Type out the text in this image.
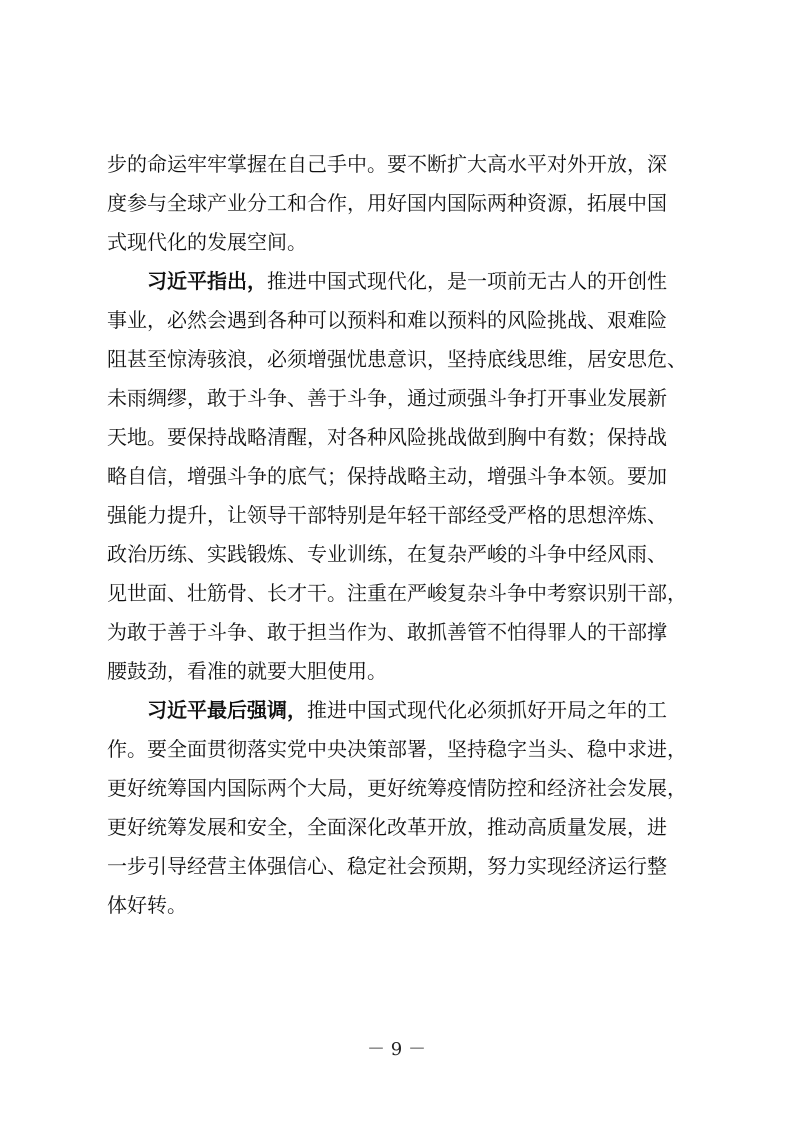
步的命运牢牢掌握在自己手中。要不断扩大高水平对外开放，深
度参与全球产业分工和合作，用好国内国际两种资源，拓展中国
式现代化的发展空间。
习近平指出，推进中国式现代化，是一项前无古人的开创性
事业，必然会遇到各种可以预料和难以预料的风险挑战、艰难险
阻甚至惊涛骇浪，必须增强忧患意识，坚持底线思维，居安思危、
未雨绸缪，敢于斗争、善于斗争，通过顽强斗争打开事业发展新
天地。要保持战略清醒，对各种风险挑战做到胸中有数；保持战
略自信，增强斗争的底气；保持战略主动，增强斗争本领。要加
强能力提升，让领导干部特别是年轻干部经受严格的思想淬炼、
政治历练、实践锻炼、专业训练，在复杂严峻的斗争中经风雨、
见世面、壮筋骨、长才干。注重在严峻复杂斗争中考察识别干部，
为敢于善于斗争、敢于担当作为、敢抓善管不怕得罪人的干部撑
腰鼓劲，看准的就要大胆使用。
习近平最后强调，推进中国式现代化必须抓好开局之年的工
作。要全面贯彻落实党中央决策部署，坚持稳字当头、稳中求进，
更好统筹国内国际两个大局，更好统筹疫情防控和经济社会发展，
更好统筹发展和安全，全面深化改革开放，推动高质量发展，进
一步引导经营主体强信心、稳定社会预期，努力实现经济运行整
体好转。
－ 9 －
